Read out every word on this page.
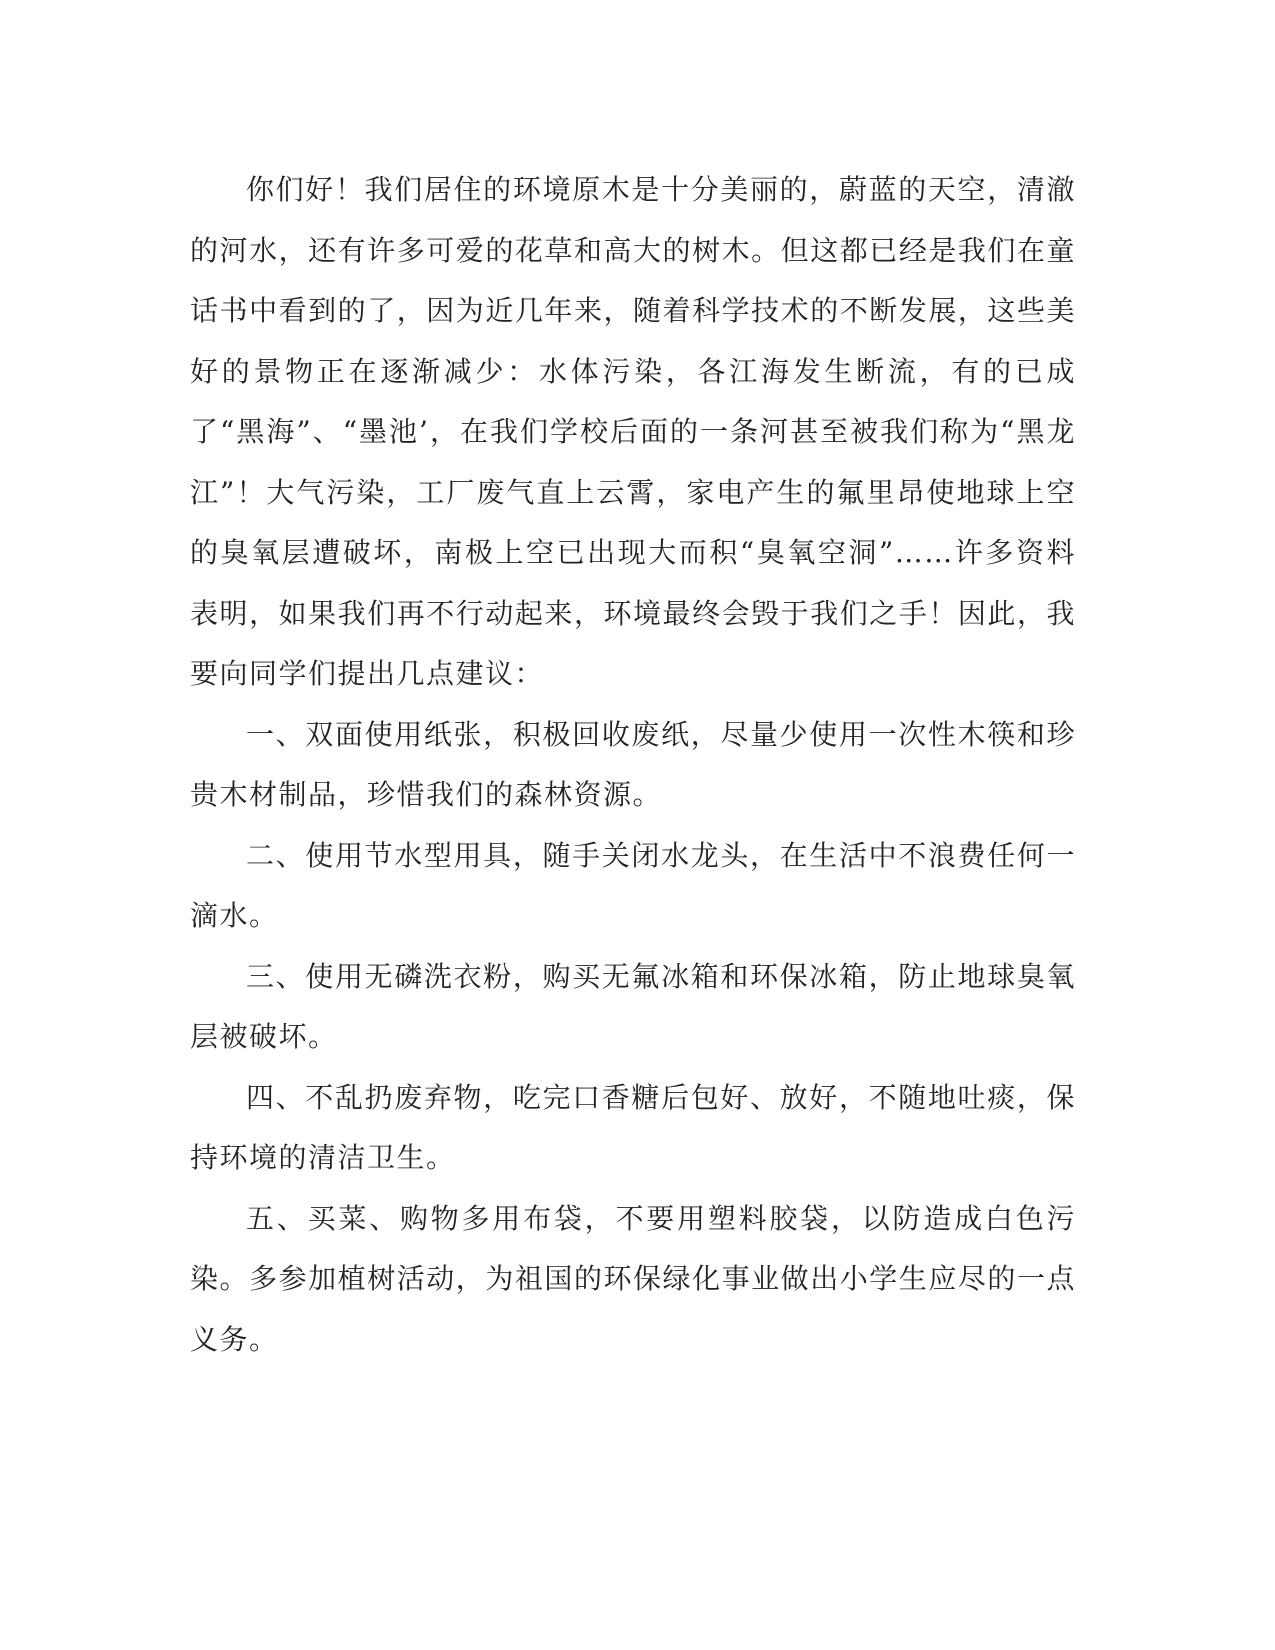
你们好！我们居住的环境原木是十分美丽的，蔚蓝的天空，清澈的河水，还有许多可爱的花草和高大的树木。但这都已经是我们在童话书中看到的了，因为近几年来，随着科学技术的不断发展，这些美好的景物正在逐渐减少：水体污染，各江海发生断流，有的已成了“黑海”、“墨池’，在我们学校后面的一条河甚至被我们称为“黑龙江”！大气污染，工厂废气直上云霄，家电产生的氟里昂使地球上空的臭氧层遭破坏，南极上空已出现大而积“臭氧空洞”……许多资料表明，如果我们再不行动起来，环境最终会毁于我们之手！因此，我要向同学们提出几点建议：

一、双面使用纸张，积极回收废纸，尽量少使用一次性木筷和珍贵木材制品，珍惜我们的森林资源。

二、使用节水型用具，随手关闭水龙头，在生活中不浪费任何一滴水。

三、使用无磷洗衣粉，购买无氟冰箱和环保冰箱，防止地球臭氧层被破坏。

四、不乱扔废弃物，吃完口香糖后包好、放好，不随地吐痰，保持环境的清洁卫生。

五、买菜、购物多用布袋，不要用塑料胶袋，以防造成白色污染。多参加植树活动，为祖国的环保绿化事业做出小学生应尽的一点义务。
